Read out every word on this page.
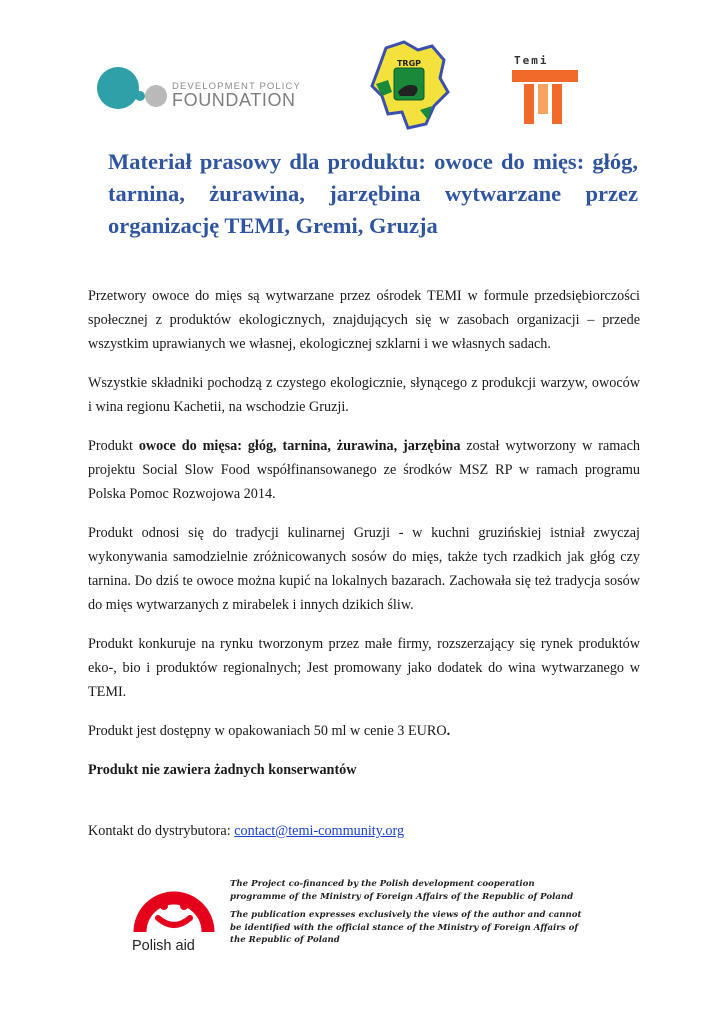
DEVELOPMENT POLICY
FOUNDATION
TRGP	Temi
Materiał prasowy dla produktu: owoce do mięs: głóg, tarnina, żurawina, jarzębina wytwarzane przez organizację TEMI, Gremi, Gruzja

Przetwory owoce do mięs są wytwarzane przez ośrodek TEMI w formule przedsiębiorczości społecznej z produktów ekologicznych, znajdujących się w zasobach organizacji – przede wszystkim uprawianych we własnej, ekologicznej szklarni i we własnych sadach.

Wszystkie składniki pochodzą z czystego ekologicznie, słynącego z produkcji warzyw, owoców i wina regionu Kachetii, na wschodzie Gruzji.

Produkt owoce do mięsa: głóg, tarnina, żurawina, jarzębina został wytworzony w ramach projektu Social Slow Food współfinansowanego ze środków MSZ RP w ramach programu Polska Pomoc Rozwojowa 2014.

Produkt odnosi się do tradycji kulinarnej Gruzji - w kuchni gruzińskiej istniał zwyczaj wykonywania samodzielnie zróżnicowanych sosów do mięs, także tych rzadkich jak głóg czy tarnina. Do dziś te owoce można kupić na lokalnych bazarach. Zachowała się też tradycja sosów do mięs wytwarzanych z mirabelek i innych dzikich śliw.

Produkt konkuruje na rynku tworzonym przez małe firmy, rozszerzający się rynek produktów eko-, bio i produktów regionalnych; Jest promowany jako dodatek do wina wytwarzanego w TEMI.

Produkt jest dostępny w opakowaniach 50 ml w cenie 3 EURO.

Produkt nie zawiera żadnych konserwantów

Kontakt do dystrybutora: contact@temi-community.org
Polish aid

The Project co-financed by the Polish development cooperation programme of the Ministry of Foreign Affairs of the Republic of Poland

The publication expresses exclusively the views of the author and cannot be identified with the official stance of the Ministry of Foreign Affairs of the Republic of Poland
